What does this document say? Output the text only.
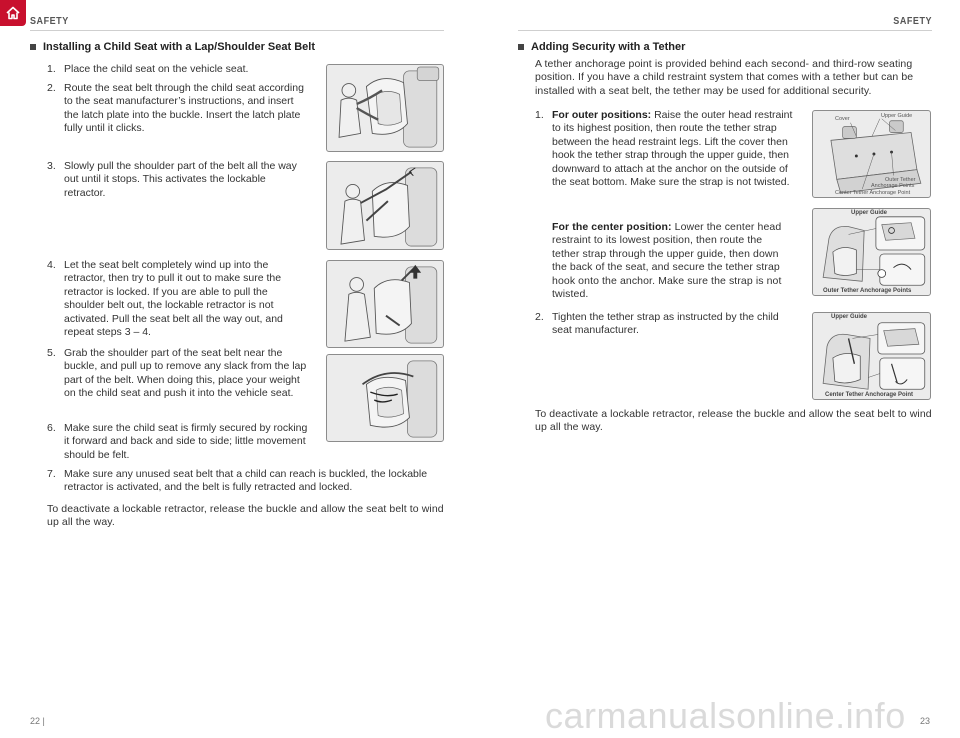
SAFETY	SAFETY
Installing a Child Seat with a Lap/Shoulder Seat Belt
1. Place the child seat on the vehicle seat.
2. Route the seat belt through the child seat according to the seat manufacturer’s instructions, and insert the latch plate into the buckle. Insert the latch plate fully until it clicks.
3. Slowly pull the shoulder part of the belt all the way out until it stops. This activates the lockable retractor.
4. Let the seat belt completely wind up into the retractor, then try to pull it out to make sure the retractor is locked. If you are able to pull the shoulder belt out, the lockable retractor is not activated. Pull the seat belt all the way out, and repeat steps 3 – 4.
5. Grab the shoulder part of the seat belt near the buckle, and pull up to remove any slack from the lap part of the belt. When doing this, place your weight on the child seat and push it into the vehicle seat.
6. Make sure the child seat is firmly secured by rocking it forward and back and side to side; little movement should be felt.
7. Make sure any unused seat belt that a child can reach is buckled, the lockable retractor is activated, and the belt is fully retracted and locked.
To deactivate a lockable retractor, release the buckle and allow the seat belt to wind up all the way.
Adding Security with a Tether
A tether anchorage point is provided behind each second- and third-row seating position. If you have a child restraint system that comes with a tether but can be installed with a seat belt, the tether may be used for additional security.
1. For outer positions: Raise the outer head restraint to its highest position, then route the tether strap between the head restraint legs. Lift the cover then hook the tether strap through the upper guide, then downward to attach at the anchor on the outside of the seat bottom. Make sure the strap is not twisted.
For the center position: Lower the center head restraint to its lowest position, then route the tether strap through the upper guide, then down the back of the seat, and secure the tether strap hook onto the anchor. Make sure the strap is not twisted.
2. Tighten the tether strap as instructed by the child seat manufacturer.
To deactivate a lockable retractor, release the buckle and allow the seat belt to wind up all the way.
Cover	Upper Guide
Outer Tether
Anchorage Points
Center Tether Anchorage Point
Upper Guide
Outer Tether Anchorage Points
Upper Guide
Center Tether Anchorage Point
22 |	23
carmanualsonline.info
